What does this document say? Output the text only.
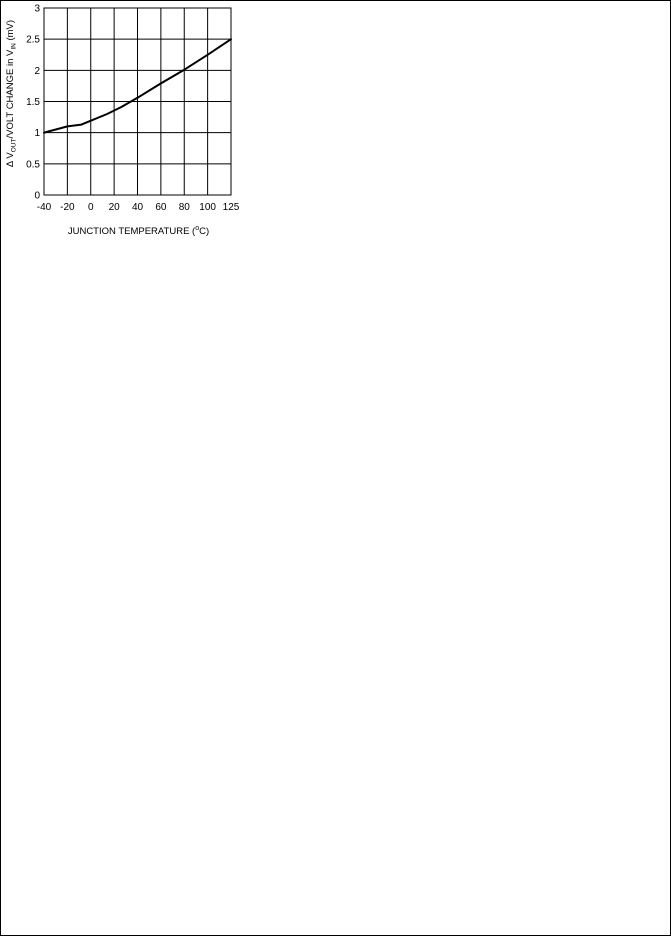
0
0.5
1
1.5
2
2.5
3
-40 -20 0 20 40 60 80 100 125
JUNCTION TEMPERATURE ($^o$C)
Δ $V_{OUT}$/VOLT CHANGE in $V_{IN}$ (mV)
